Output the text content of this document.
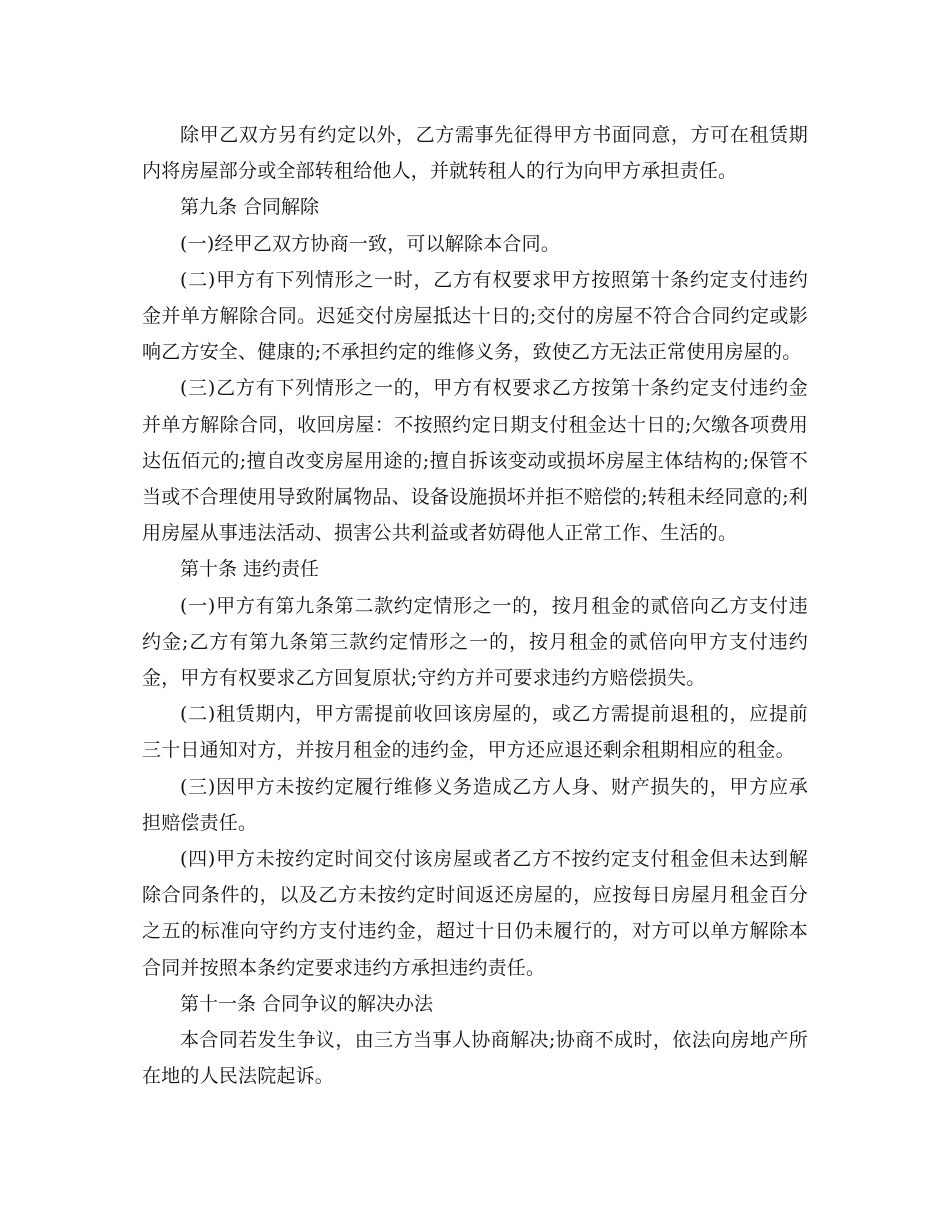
除甲乙双方另有约定以外，乙方需事先征得甲方书面同意，方可在租赁期内将房屋部分或全部转租给他人，并就转租人的行为向甲方承担责任。

第九条 合同解除

(一)经甲乙双方协商一致，可以解除本合同。

(二)甲方有下列情形之一时，乙方有权要求甲方按照第十条约定支付违约金并单方解除合同。迟延交付房屋抵达十日的;交付的房屋不符合合同约定或影响乙方安全、健康的;不承担约定的维修义务，致使乙方无法正常使用房屋的。

(三)乙方有下列情形之一的，甲方有权要求乙方按第十条约定支付违约金并单方解除合同，收回房屋：不按照约定日期支付租金达十日的;欠缴各项费用达伍佰元的;擅自改变房屋用途的;擅自拆该变动或损坏房屋主体结构的;保管不当或不合理使用导致附属物品、设备设施损坏并拒不赔偿的;转租未经同意的;利用房屋从事违法活动、损害公共利益或者妨碍他人正常工作、生活的。

第十条 违约责任

(一)甲方有第九条第二款约定情形之一的，按月租金的贰倍向乙方支付违约金;乙方有第九条第三款约定情形之一的，按月租金的贰倍向甲方支付违约金，甲方有权要求乙方回复原状;守约方并可要求违约方赔偿损失。

(二)租赁期内，甲方需提前收回该房屋的，或乙方需提前退租的，应提前三十日通知对方，并按月租金的违约金，甲方还应退还剩余租期相应的租金。

(三)因甲方未按约定履行维修义务造成乙方人身、财产损失的，甲方应承担赔偿责任。

(四)甲方未按约定时间交付该房屋或者乙方不按约定支付租金但未达到解除合同条件的，以及乙方未按约定时间返还房屋的，应按每日房屋月租金百分之五的标准向守约方支付违约金，超过十日仍未履行的，对方可以单方解除本合同并按照本条约定要求违约方承担违约责任。

第十一条 合同争议的解决办法

本合同若发生争议，由三方当事人协商解决;协商不成时，依法向房地产所在地的人民法院起诉。
